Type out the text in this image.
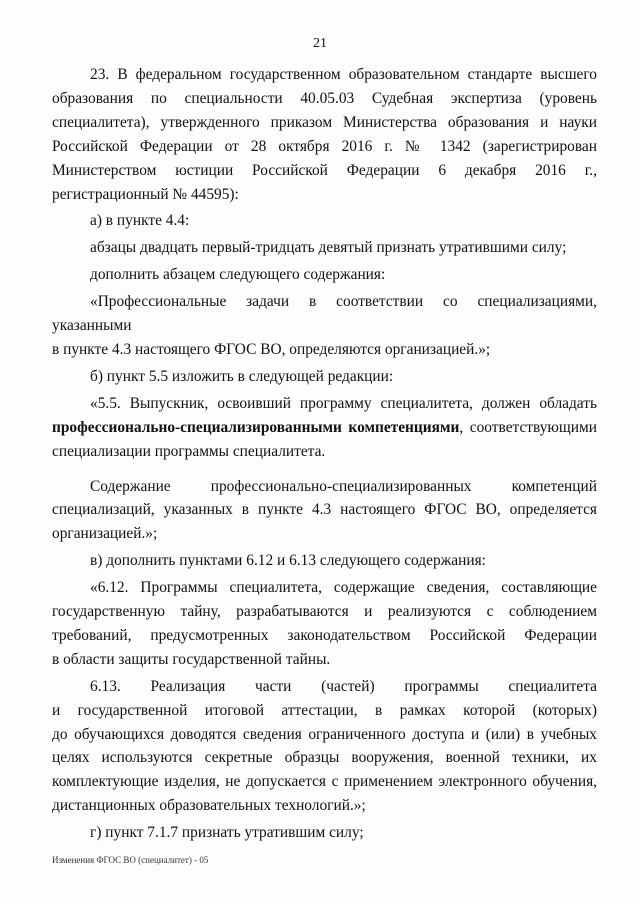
21
23. В федеральном государственном образовательном стандарте высшего
образования по специальности 40.05.03 Судебная экспертиза (уровень
специалитета), утвержденного приказом Министерства образования и науки
Российской Федерации от 28 октября 2016 г. № 1342 (зарегистрирован
Министерством юстиции Российской Федерации 6 декабря 2016 г.,
регистрационный № 44595):
а) в пункте 4.4:
абзацы двадцать первый-тридцать девятый признать утратившими силу;
дополнить абзацем следующего содержания:
«Профессиональные задачи в соответствии со специализациями, указанными
в пункте 4.3 настоящего ФГОС ВО, определяются организацией.»;
б) пункт 5.5 изложить в следующей редакции:
«5.5. Выпускник, освоивший программу специалитета, должен обладать
профессионально-специализированными компетенциями, соответствующими
специализации программы специалитета.
Содержание профессионально-специализированных компетенций
специализаций, указанных в пункте 4.3 настоящего ФГОС ВО, определяется
организацией.»;
в) дополнить пунктами 6.12 и 6.13 следующего содержания:
«6.12. Программы специалитета, содержащие сведения, составляющие
государственную тайну, разрабатываются и реализуются с соблюдением
требований, предусмотренных законодательством Российской Федерации
в области защиты государственной тайны.
6.13. Реализация части (частей) программы специалитета
и государственной итоговой аттестации, в рамках которой (которых)
до обучающихся доводятся сведения ограниченного доступа и (или) в учебных
целях используются секретные образцы вооружения, военной техники, их
комплектующие изделия, не допускается с применением электронного обучения,
дистанционных образовательных технологий.»;
г) пункт 7.1.7 признать утратившим силу;
Изменения ФГОС ВО (специалитет) - 05
